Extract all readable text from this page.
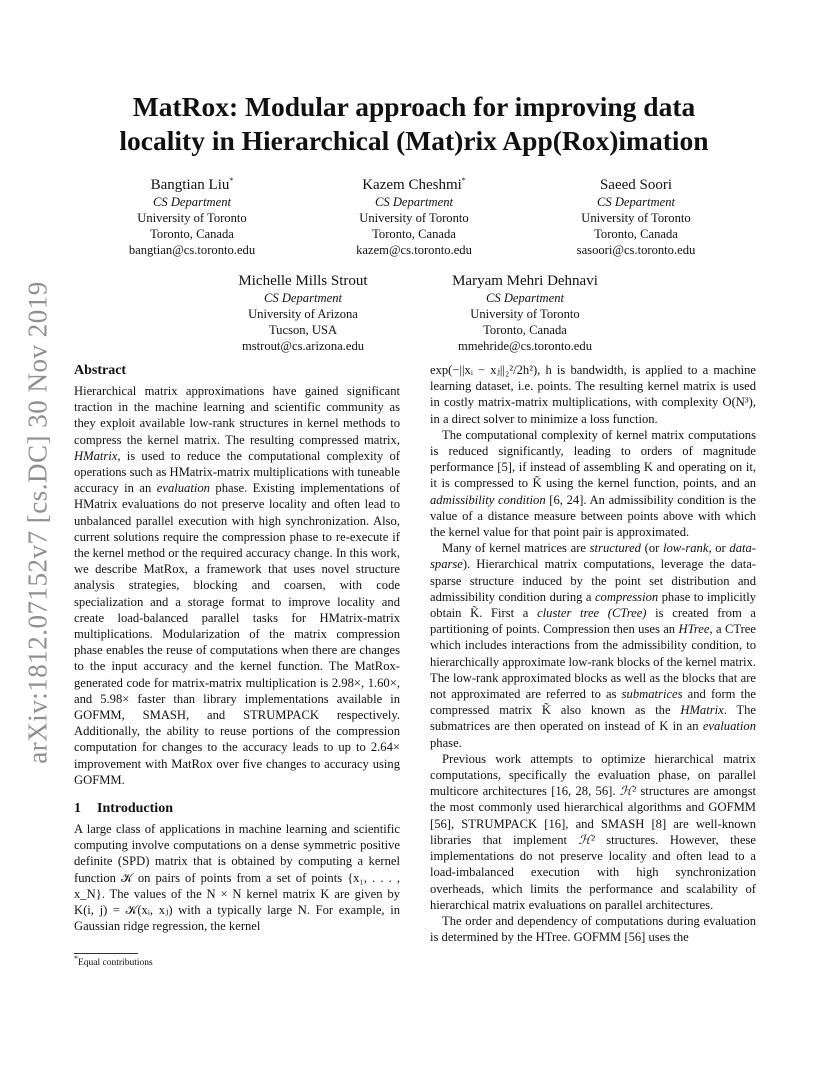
arXiv:1812.07152v7 [cs.DC] 30 Nov 2019
MatRox: Modular approach for improving data
locality in Hierarchical (Mat)rix App(Rox)imation
Bangtian Liu*
CS Department
University of Toronto
Toronto, Canada
bangtian@cs.toronto.edu
Kazem Cheshmi*
CS Department
University of Toronto
Toronto, Canada
kazem@cs.toronto.edu
Saeed Soori
CS Department
University of Toronto
Toronto, Canada
sasoori@cs.toronto.edu
Michelle Mills Strout
CS Department
University of Arizona
Tucson, USA
mstrout@cs.arizona.edu
Maryam Mehri Dehnavi
CS Department
University of Toronto
Toronto, Canada
mmehride@cs.toronto.edu
Abstract

Hierarchical matrix approximations have gained significant traction in the machine learning and scientific community as they exploit available low-rank structures in kernel methods to compress the kernel matrix. The resulting compressed matrix, HMatrix, is used to reduce the computational complexity of operations such as HMatrix-matrix multiplications with tuneable accuracy in an evaluation phase. Existing implementations of HMatrix evaluations do not preserve locality and often lead to unbalanced parallel execution with high synchronization. Also, current solutions require the compression phase to re-execute if the kernel method or the required accuracy change. In this work, we describe MatRox, a framework that uses novel structure analysis strategies, blocking and coarsen, with code specialization and a storage format to improve locality and create load-balanced parallel tasks for HMatrix-matrix multiplications. Modularization of the matrix compression phase enables the reuse of computations when there are changes to the input accuracy and the kernel function. The MatRox-generated code for matrix-matrix multiplication is 2.98×, 1.60×, and 5.98× faster than library implementations available in GOFMM, SMASH, and STRUMPACK respectively. Additionally, the ability to reuse portions of the compression computation for changes to the accuracy leads to up to 2.64× improvement with MatRox over five changes to accuracy using GOFMM.

1 Introduction

A large class of applications in machine learning and scientific computing involve computations on a dense symmetric positive definite (SPD) matrix that is obtained by computing a kernel function 𝒦 on pairs of points from a set of points {x₁, . . . , x_N}. The values of the N × N kernel matrix K are given by K(i, j) = 𝒦(xᵢ, xⱼ) with a typically large N. For example, in Gaussian ridge regression, the kernel

exp(−||xᵢ − xⱼ||₂²/2h²), h is bandwidth, is applied to a machine learning dataset, i.e. points. The resulting kernel matrix is used in costly matrix-matrix multiplications, with complexity O(N³), in a direct solver to minimize a loss function.

The computational complexity of kernel matrix computations is reduced significantly, leading to orders of magnitude performance [5], if instead of assembling K and operating on it, it is compressed to K̃ using the kernel function, points, and an admissibility condition [6, 24]. An admissibility condition is the value of a distance measure between points above with which the kernel value for that point pair is approximated.

Many of kernel matrices are structured (or low-rank, or data-sparse). Hierarchical matrix computations, leverage the data-sparse structure induced by the point set distribution and admissibility condition during a compression phase to implicitly obtain K̃. First a cluster tree (CTree) is created from a partitioning of points. Compression then uses an HTree, a CTree which includes interactions from the admissibility condition, to hierarchically approximate low-rank blocks of the kernel matrix. The low-rank approximated blocks as well as the blocks that are not approximated are referred to as submatrices and form the compressed matrix K̃ also known as the HMatrix. The submatrices are then operated on instead of K in an evaluation phase.

Previous work attempts to optimize hierarchical matrix computations, specifically the evaluation phase, on parallel multicore architectures [16, 28, 56]. ℋ² structures are amongst the most commonly used hierarchical algorithms and GOFMM [56], STRUMPACK [16], and SMASH [8] are well-known libraries that implement ℋ² structures. However, these implementations do not preserve locality and often lead to a load-imbalanced execution with high synchronization overheads, which limits the performance and scalability of hierarchical matrix evaluations on parallel architectures.

The order and dependency of computations during evaluation is determined by the HTree. GOFMM [56] uses the

*Equal contributions
